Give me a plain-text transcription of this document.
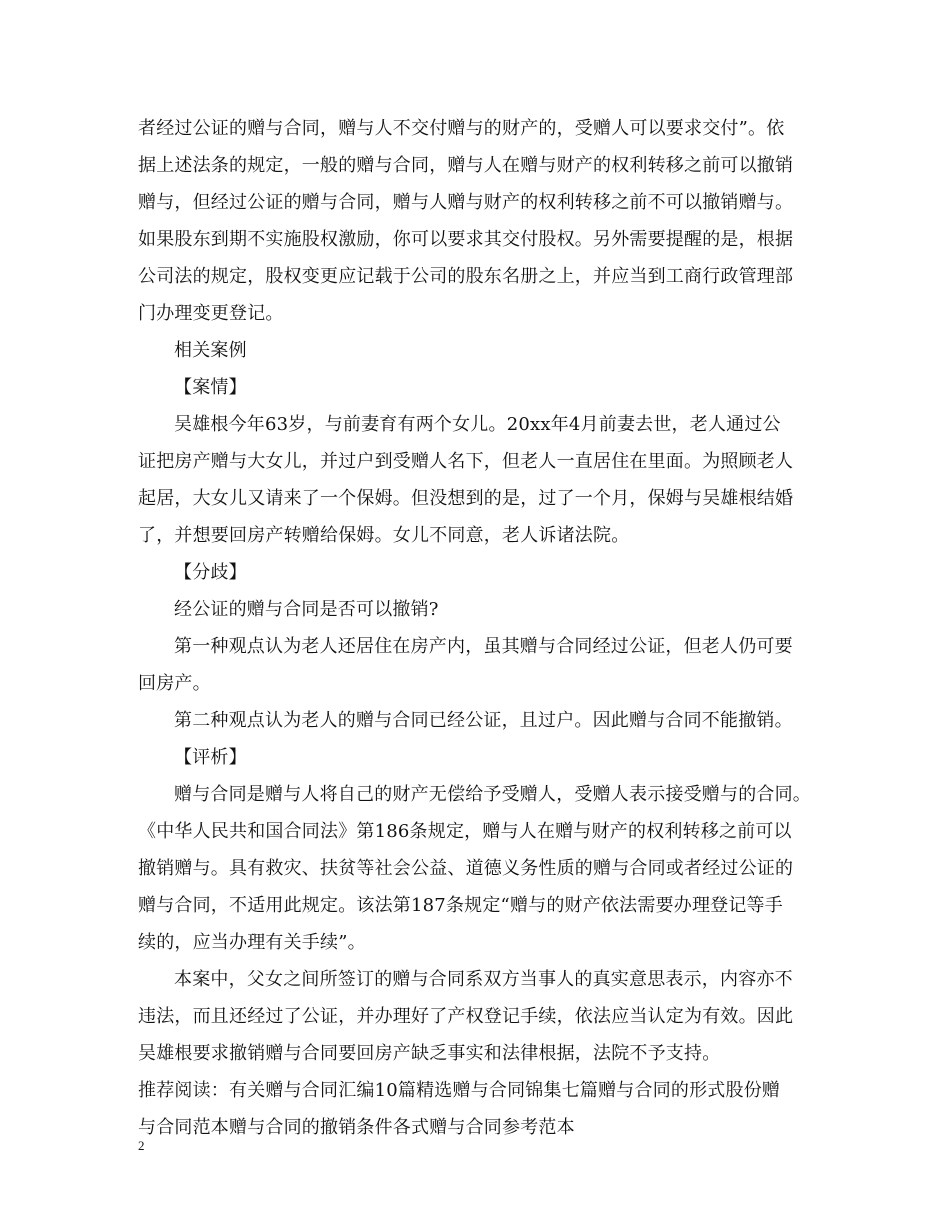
者经过公证的赠与合同，赠与人不交付赠与的财产的，受赠人可以要求交付”。依
据上述法条的规定，一般的赠与合同，赠与人在赠与财产的权利转移之前可以撤销
赠与，但经过公证的赠与合同，赠与人赠与财产的权利转移之前不可以撤销赠与。
如果股东到期不实施股权激励，你可以要求其交付股权。另外需要提醒的是，根据
公司法的规定，股权变更应记载于公司的股东名册之上，并应当到工商行政管理部
门办理变更登记。
相关案例
【案情】
吴雄根今年63岁，与前妻育有两个女儿。20xx年4月前妻去世，老人通过公
证把房产赠与大女儿，并过户到受赠人名下，但老人一直居住在里面。为照顾老人
起居，大女儿又请来了一个保姆。但没想到的是，过了一个月，保姆与吴雄根结婚
了，并想要回房产转赠给保姆。女儿不同意，老人诉诸法院。
【分歧】
经公证的赠与合同是否可以撤销?
第一种观点认为老人还居住在房产内，虽其赠与合同经过公证，但老人仍可要
回房产。
第二种观点认为老人的赠与合同已经公证，且过户。因此赠与合同不能撤销。
【评析】
赠与合同是赠与人将自己的财产无偿给予受赠人，受赠人表示接受赠与的合同。
《中华人民共和国合同法》第186条规定，赠与人在赠与财产的权利转移之前可以
撤销赠与。具有救灾、扶贫等社会公益、道德义务性质的赠与合同或者经过公证的
赠与合同，不适用此规定。该法第187条规定“赠与的财产依法需要办理登记等手
续的，应当办理有关手续”。
本案中，父女之间所签订的赠与合同系双方当事人的真实意思表示，内容亦不
违法，而且还经过了公证，并办理好了产权登记手续，依法应当认定为有效。因此
吴雄根要求撤销赠与合同要回房产缺乏事实和法律根据，法院不予支持。
推荐阅读：有关赠与合同汇编10篇精选赠与合同锦集七篇赠与合同的形式股份赠
与合同范本赠与合同的撤销条件各式赠与合同参考范本
2
